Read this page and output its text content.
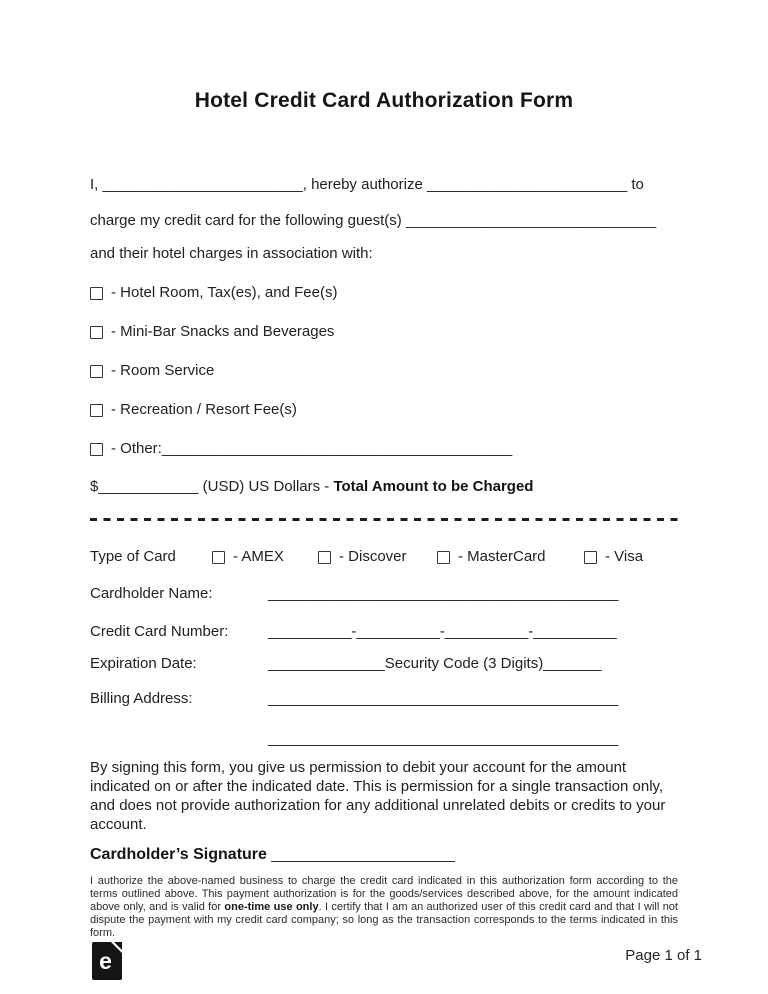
Hotel Credit Card Authorization Form
I, ________________________, hereby authorize ________________________ to
charge my credit card for the following guest(s) ______________________________
and their hotel charges in association with:
- Hotel Room, Tax(es), and Fee(s)
- Mini-Bar Snacks and Beverages
- Room Service
- Recreation / Resort Fee(s)
- Other: __________________________________________
$____________ (USD) US Dollars - Total Amount to be Charged
Type of Card	- AMEX	- Discover	- MasterCard	- Visa
Cardholder Name:	__________________________________________
Credit Card Number:	__________-__________-__________-__________
Expiration Date:	______________ Security Code (3 Digits) _______
Billing Address:	__________________________________________
__________________________________________

By signing this form, you give us permission to debit your account for the amount indicated on or after the indicated date. This is permission for a single transaction only, and does not provide authorization for any additional unrelated debits or credits to your account.

Cardholder’s Signature ______________________

I authorize the above-named business to charge the credit card indicated in this authorization form according to the terms outlined above. This payment authorization is for the goods/services described above, for the amount indicated above only, and is valid for one-time use only. I certify that I am an authorized user of this credit card and that I will not dispute the payment with my credit card company; so long as the transaction corresponds to the terms indicated in this form.

e	Page 1 of 1
